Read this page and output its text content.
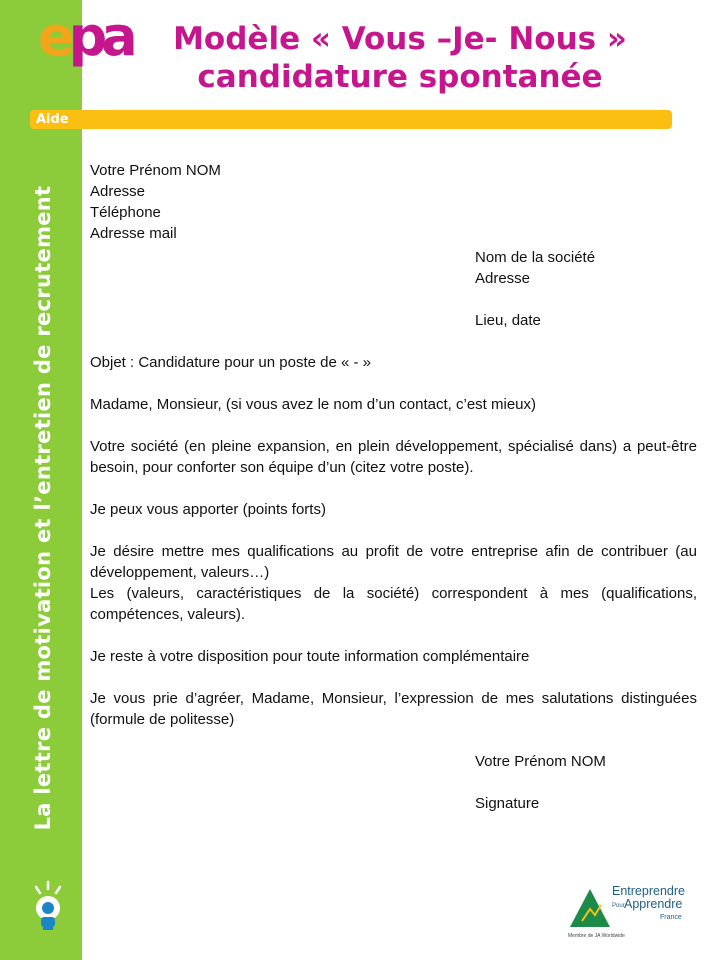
epa	Modèle « Vous –Je- Nous »
candidature spontanée
Aide
La lettre de motivation et l’entretien de recrutement

Votre Prénom NOM

Adresse

Téléphone

Adresse mail

Nom de la société

Adresse

Lieu, date

Objet : Candidature pour un poste de « - »

Madame, Monsieur, (si vous avez le nom d’un contact, c’est mieux)

Votre société (en pleine expansion, en plein développement, spécialisé dans) a peut-être besoin, pour conforter son équipe d’un (citez votre poste).

Je peux vous apporter (points forts)

Je désire mettre mes qualifications au profit de votre entreprise afin de contribuer (au développement, valeurs…)

Les (valeurs, caractéristiques de la société) correspondent à mes (qualifications, compétences, valeurs).

Je reste à votre disposition pour toute information complémentaire

Je vous prie d’agréer, Madame, Monsieur, l’expression de mes salutations distinguées (formule de politesse)

Votre Prénom NOM

Signature

Entreprendre
Pour Apprendre
France
Membre de JA Worldwide
